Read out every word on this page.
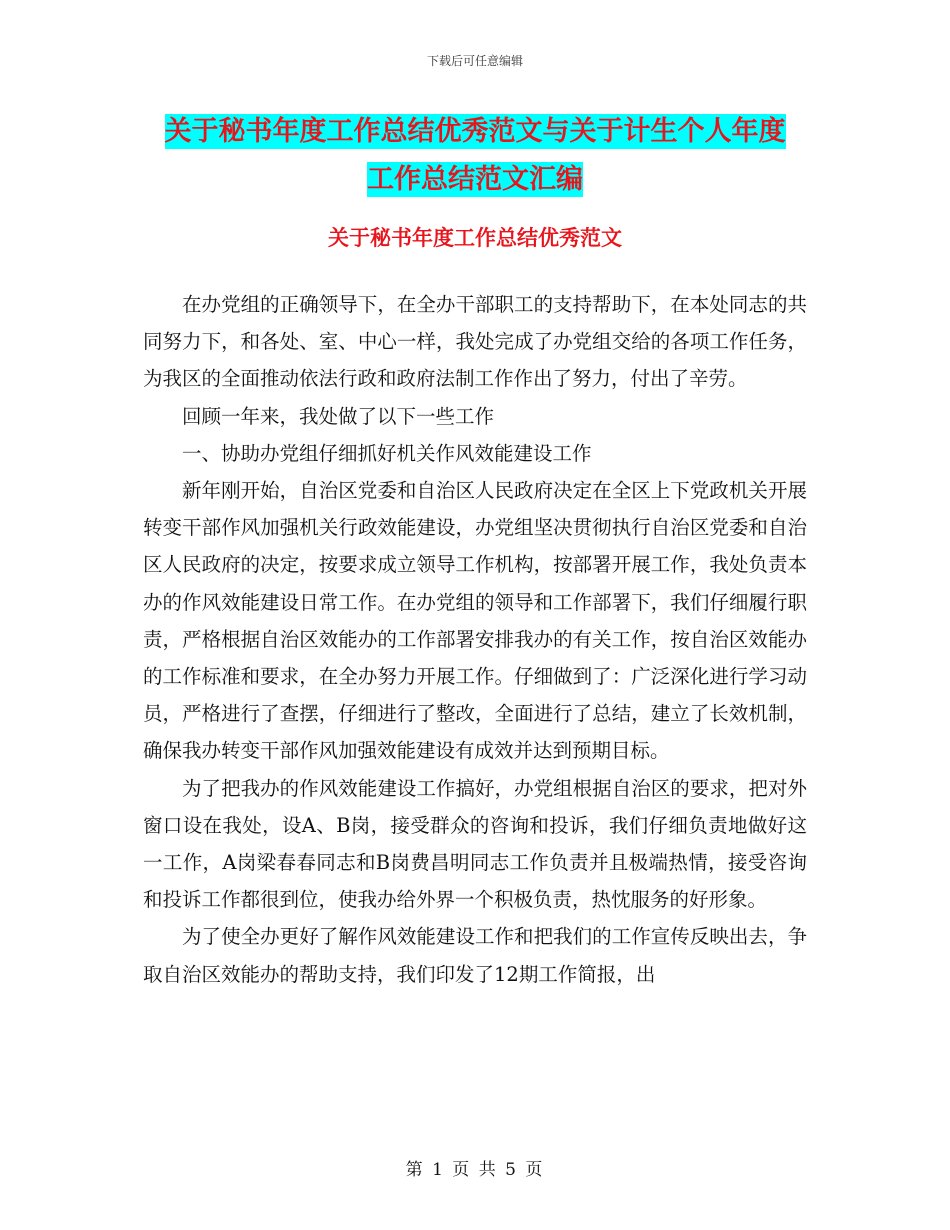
下载后可任意编辑
关于秘书年度工作总结优秀范文与关于计生个人年度
工作总结范文汇编
关于秘书年度工作总结优秀范文

在办党组的正确领导下，在全办干部职工的支持帮助下，在本处同志的共同努力下，和各处、室、中心一样，我处完成了办党组交给的各项工作任务，为我区的全面推动依法行政和政府法制工作作出了努力，付出了辛劳。

回顾一年来，我处做了以下一些工作

一、协助办党组仔细抓好机关作风效能建设工作

新年刚开始，自治区党委和自治区人民政府决定在全区上下党政机关开展转变干部作风加强机关行政效能建设，办党组坚决贯彻执行自治区党委和自治区人民政府的决定，按要求成立领导工作机构，按部署开展工作，我处负责本办的作风效能建设日常工作。在办党组的领导和工作部署下，我们仔细履行职责，严格根据自治区效能办的工作部署安排我办的有关工作，按自治区效能办的工作标准和要求，在全办努力开展工作。仔细做到了：广泛深化进行学习动员，严格进行了查摆，仔细进行了整改，全面进行了总结，建立了长效机制，确保我办转变干部作风加强效能建设有成效并达到预期目标。

为了把我办的作风效能建设工作搞好，办党组根据自治区的要求，把对外窗口设在我处，设A、B岗，接受群众的咨询和投诉，我们仔细负责地做好这一工作，A岗梁春春同志和B岗费昌明同志工作负责并且极端热情，接受咨询和投诉工作都很到位，使我办给外界一个积极负责，热忱服务的好形象。

为了使全办更好了解作风效能建设工作和把我们的工作宣传反映出去，争取自治区效能办的帮助支持，我们印发了12期工作简报，出

第 1 页 共 5 页
